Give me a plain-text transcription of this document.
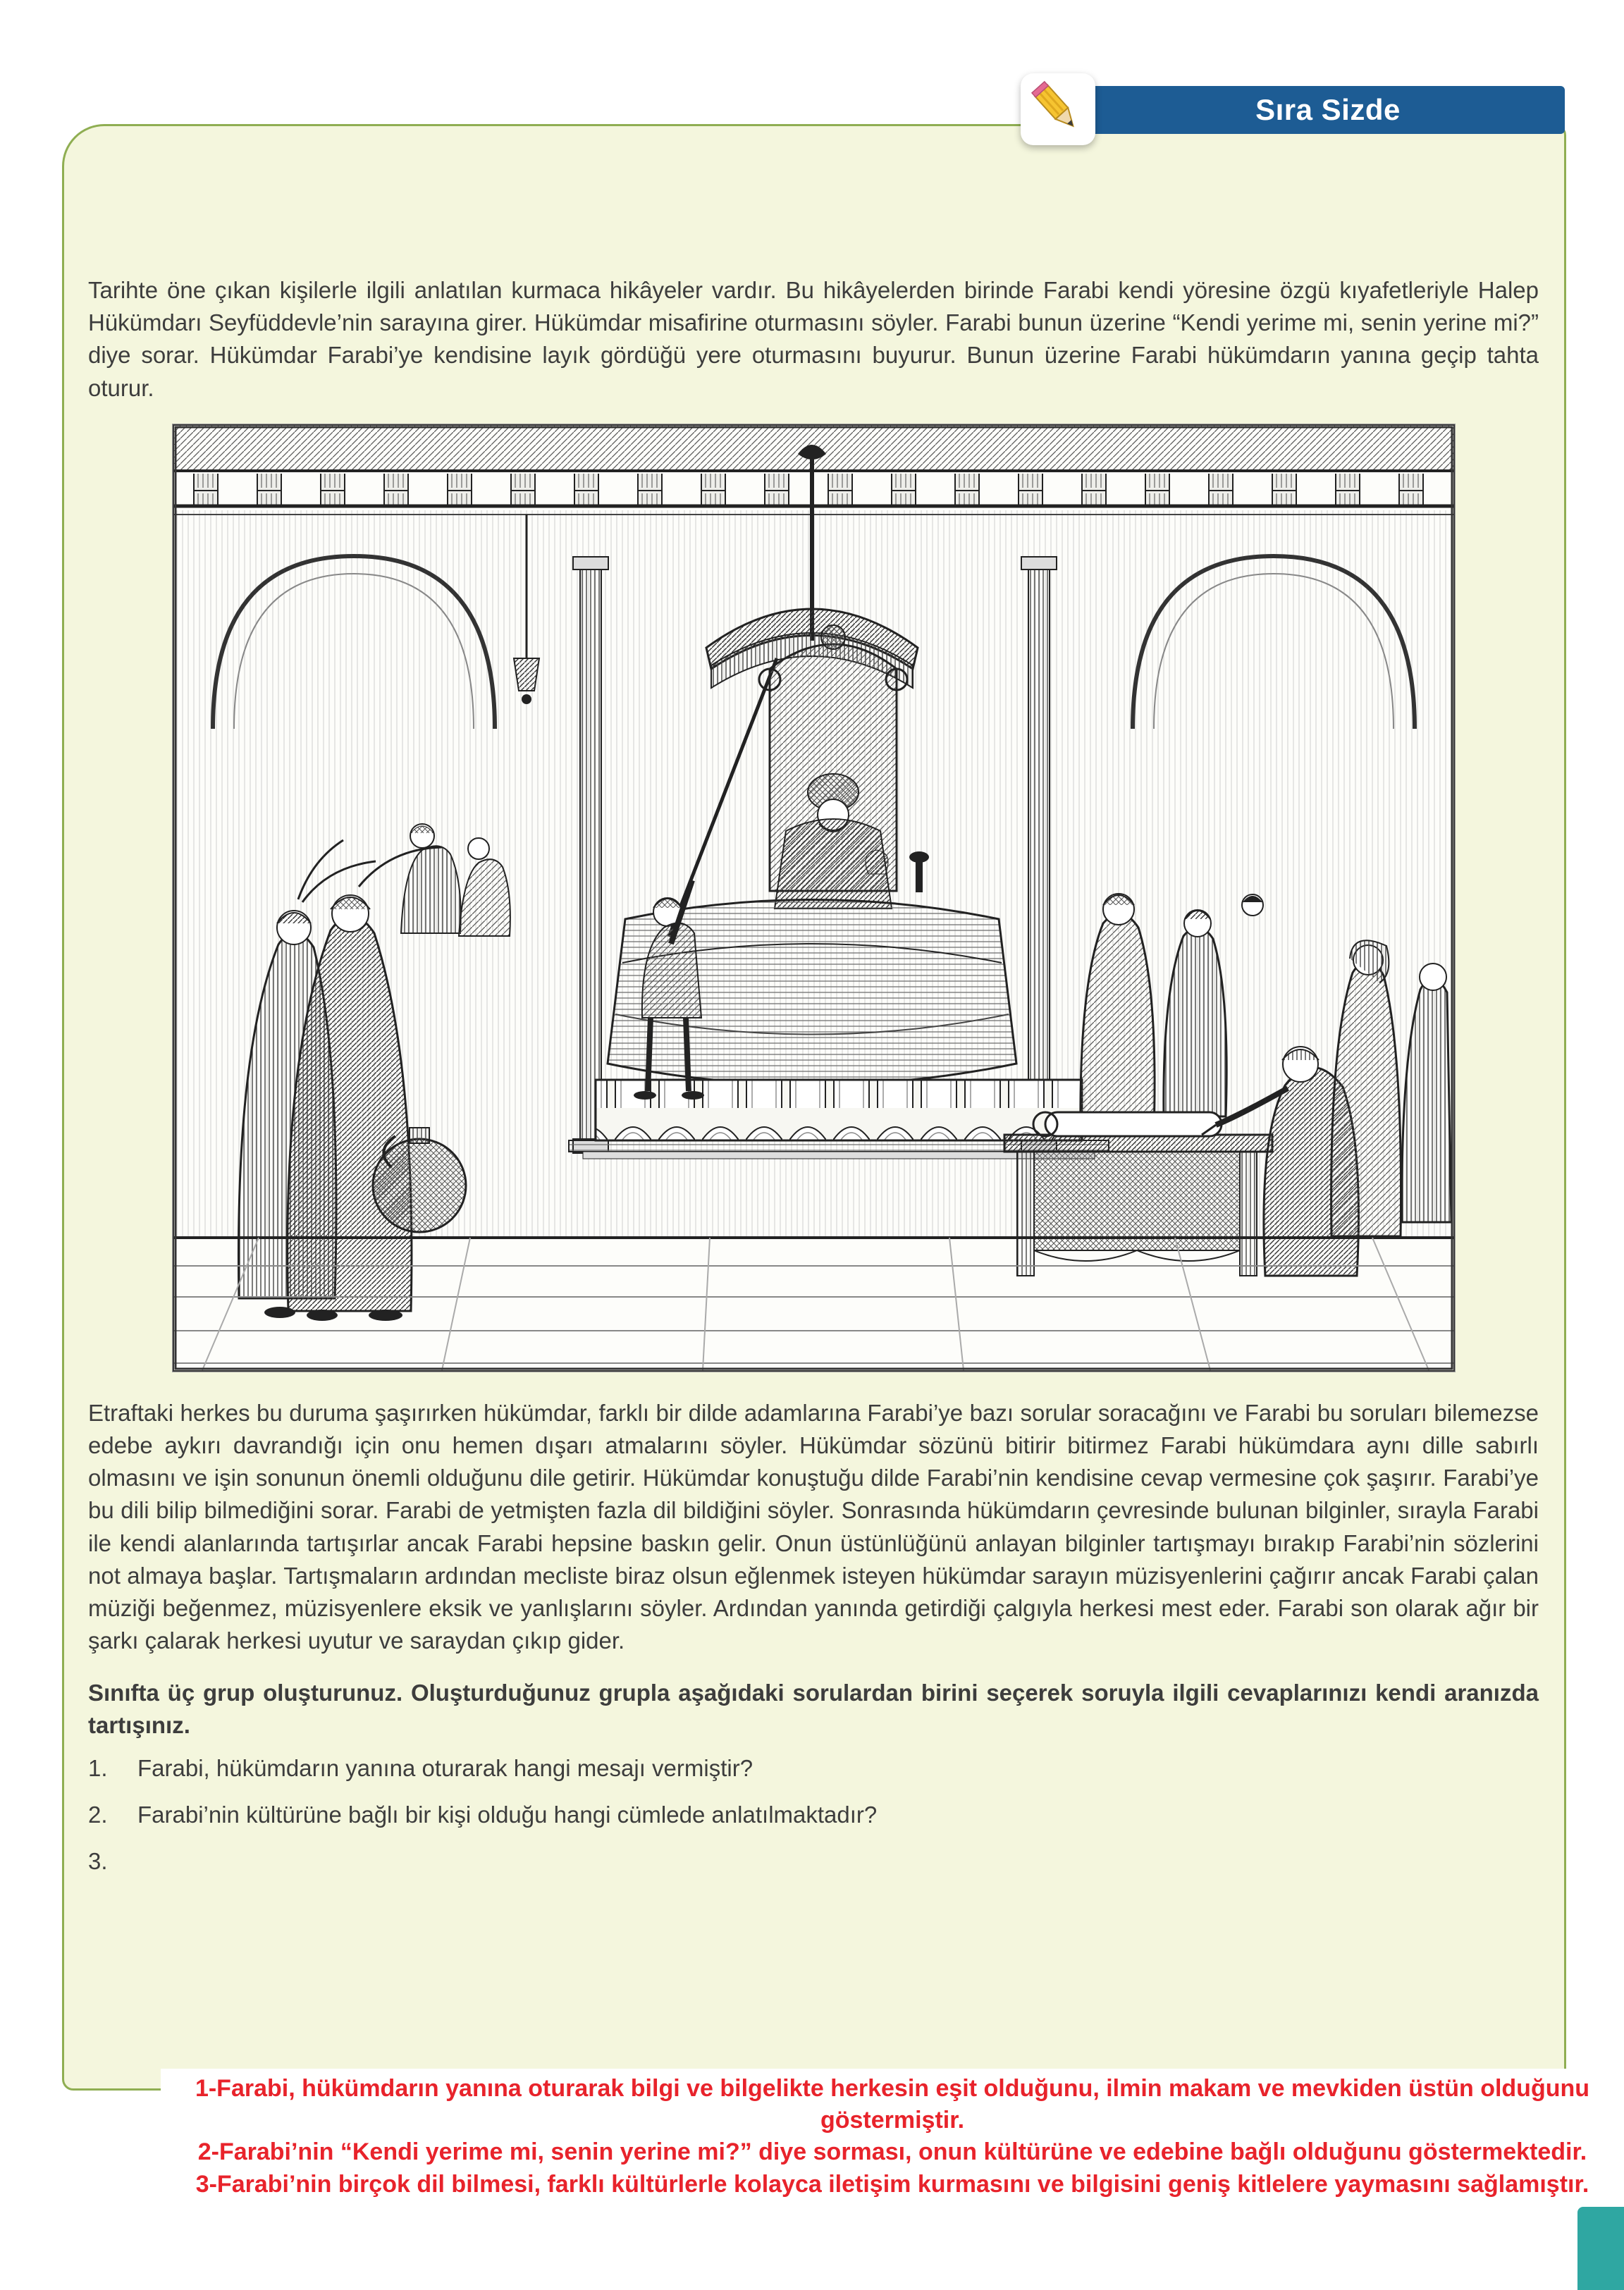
Sıra Sizde

Tarihte öne çıkan kişilerle ilgili anlatılan kurmaca hikâyeler vardır. Bu hikâyelerden birinde Farabi kendi yöresine özgü kıyafetleriyle Halep Hükümdarı Seyfüddevle’nin sarayına girer. Hükümdar misafirine oturmasını söyler. Farabi bunun üzerine “Kendi yerime mi, senin yerine mi?” diye sorar. Hükümdar Farabi’ye kendisine layık gördüğü yere oturmasını buyurur. Bunun üzerine Farabi hükümdarın yanına geçip tahta oturur.

Etraftaki herkes bu duruma şaşırırken hükümdar, farklı bir dilde adamlarına Farabi’ye bazı sorular soracağını ve Farabi bu soruları bilemezse edebe aykırı davrandığı için onu hemen dışarı atmalarını söyler. Hükümdar sözünü bitirir bitirmez Farabi hükümdara aynı dille sabırlı olmasını ve işin sonunun önemli olduğunu dile getirir. Hükümdar konuştuğu dilde Farabi’nin kendisine cevap vermesine çok şaşırır. Farabi’ye bu dili bilip bilmediğini sorar. Farabi de yetmişten fazla dil bildiğini söyler. Sonrasında hükümdarın çevresinde bulunan bilginler, sırayla Farabi ile kendi alanlarında tartışırlar ancak Farabi hepsine baskın gelir. Onun üstünlüğünü anlayan bilginler tartışmayı bırakıp Farabi’nin sözlerini not almaya başlar. Tartışmaların ardından mecliste biraz olsun eğlenmek isteyen hükümdar sarayın müzisyenlerini çağırır ancak Farabi çalan müziği beğenmez, müzisyenlere eksik ve yanlışlarını söyler. Ardından yanında getirdiği çalgıyla herkesi mest eder. Farabi son olarak ağır bir şarkı çalarak herkesi uyutur ve saraydan çıkıp gider.

Sınıfta üç grup oluşturunuz. Oluşturduğunuz grupla aşağıdaki sorulardan birini seçerek soruyla ilgili cevaplarınızı kendi aranızda tartışınız.

1.	Farabi, hükümdarın yanına oturarak hangi mesajı vermiştir?
2.	Farabi’nin kültürüne bağlı bir kişi olduğu hangi cümlede anlatılmaktadır?
3.

1-Farabi, hükümdarın yanına oturarak bilgi ve bilgelikte herkesin eşit olduğunu, ilmin makam ve mevkiden üstün olduğunu göstermiştir.

2-Farabi’nin “Kendi yerime mi, senin yerine mi?” diye sorması, onun kültürüne ve edebine bağlı olduğunu göstermektedir.

3-Farabi’nin birçok dil bilmesi, farklı kültürlerle kolayca iletişim kurmasını ve bilgisini geniş kitlelere yaymasını sağlamıştır.
